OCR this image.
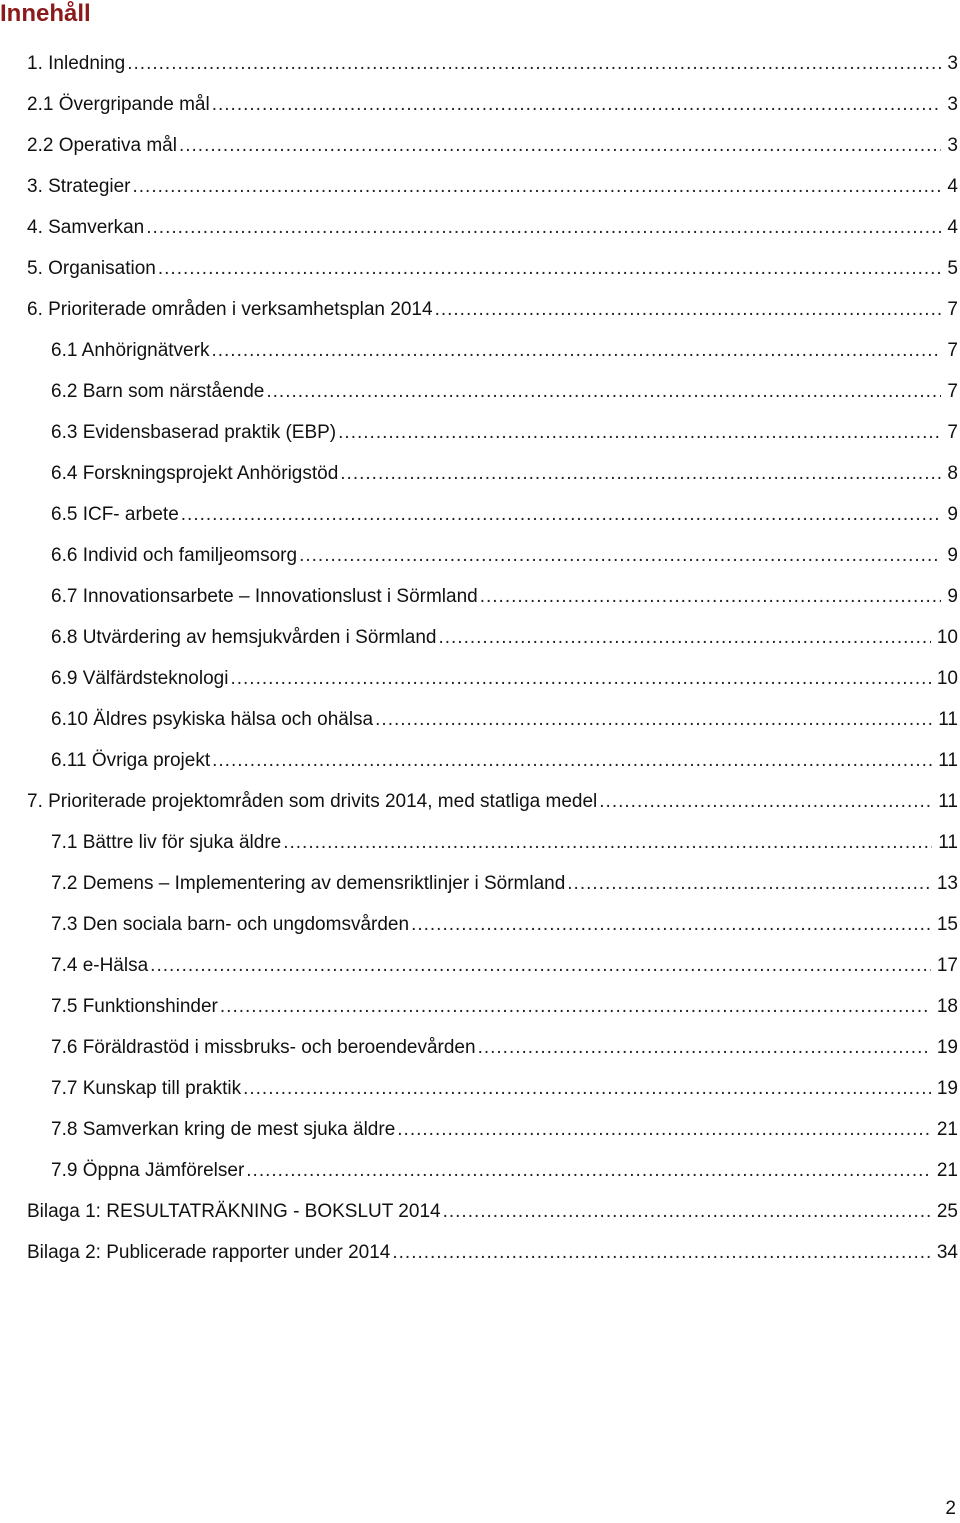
Innehåll
1. Inledning .....	3
2.1 Övergripande mål .....	3
2.2 Operativa mål .....	3
3. Strategier .....	4
4. Samverkan .....	4
5. Organisation .....	5
6. Prioriterade områden i verksamhetsplan 2014 .....	7
6.1 Anhörignätverk .....	7
6.2 Barn som närstående .....	7
6.3 Evidensbaserad praktik (EBP) .....	7
6.4 Forskningsprojekt Anhörigstöd .....	8
6.5 ICF- arbete .....	9
6.6 Individ och familjeomsorg .....	9
6.7 Innovationsarbete – Innovationslust i Sörmland .....	9
6.8 Utvärdering av hemsjukvården i Sörmland .....	10
6.9 Välfärdsteknologi .....	10
6.10 Äldres psykiska hälsa och ohälsa .....	11
6.11 Övriga projekt .....	11
7. Prioriterade projektområden som drivits 2014, med statliga medel .....	11
7.1 Bättre liv för sjuka äldre .....	11
7.2 Demens – Implementering av demensriktlinjer i Sörmland .....	13
7.3 Den sociala barn- och ungdomsvården .....	15
7.4 e-Hälsa .....	17
7.5 Funktionshinder .....	18
7.6 Föräldrastöd i missbruks- och beroendevården .....	19
7.7 Kunskap till praktik .....	19
7.8 Samverkan kring de mest sjuka äldre .....	21
7.9 Öppna Jämförelser .....	21
Bilaga 1: RESULTATRÄKNING - BOKSLUT 2014 .....	25
Bilaga 2: Publicerade rapporter under 2014 .....	34
2
